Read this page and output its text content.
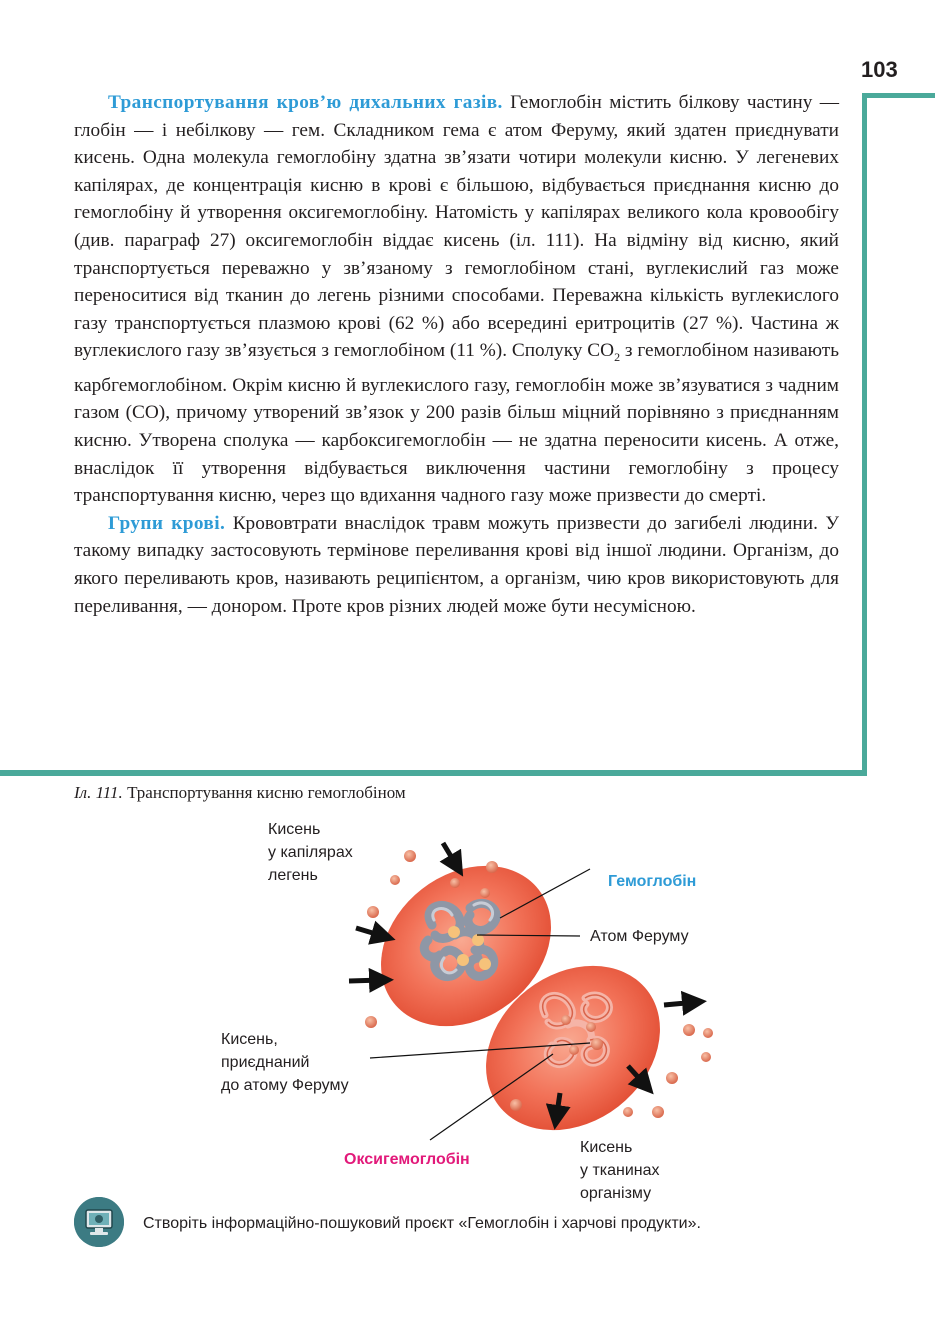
103

Транспортування кров’ю дихальних газів. Гемоглобін містить білкову частину — глобін — і небілкову — гем. Складником гема є атом Феруму, який здатен приєднувати кисень. Одна молекула гемоглобіну здатна зв’язати чотири молекули кисню. У легеневих капілярах, де концентрація кисню в крові є більшою, відбувається приєднання кисню до гемоглобіну й утворення оксигемоглобіну. Натомість у капілярах великого кола кровообігу (див. параграф 27) оксигемоглобін віддає кисень (іл. 111). На відміну від кисню, який транспортується переважно у зв’язаному з гемоглобіном стані, вуглекислий газ може переноситися від тканин до легень різними способами. Переважна кількість вуглекислого газу транспортується плазмою крові (62 %) або всередині еритроцитів (27 %). Частина ж вуглекислого газу зв’язується з гемоглобіном (11 %). Сполуку $CO_2$ з гемоглобіном називають карбгемоглобіном. Окрім кисню й вуглекислого газу, гемоглобін може зв’язуватися з чадним газом (CO), причому утворений зв’язок у 200 разів більш міцний порівняно з приєднанням кисню. Утворена сполука — карбоксигемоглобін — не здатна переносити кисень. А отже, внаслідок її утворення відбувається виключення частини гемоглобіну з процесу транспортування кисню, через що вдихання чадного газу може призвести до смерті.

Групи крові. Крововтрати внаслідок травм можуть призвести до загибелі людини. У такому випадку застосовують термінове переливання крові від іншої людини. Організм, до якого переливають кров, називають реципієнтом, а організм, чию кров використовують для переливання, — донором. Проте кров різних людей може бути несумісною.

Іл. 111. Транспортування кисню гемоглобіном
Кисень
у капілярах
легень	Гемоглобін
Атом Феруму
Кисень,
приєднаний
до атому Феруму
Оксигемоглобін
Кисень
у тканинах
організму
Створіть інформаційно-пошуковий проєкт «Гемоглобін і харчові продукти».
